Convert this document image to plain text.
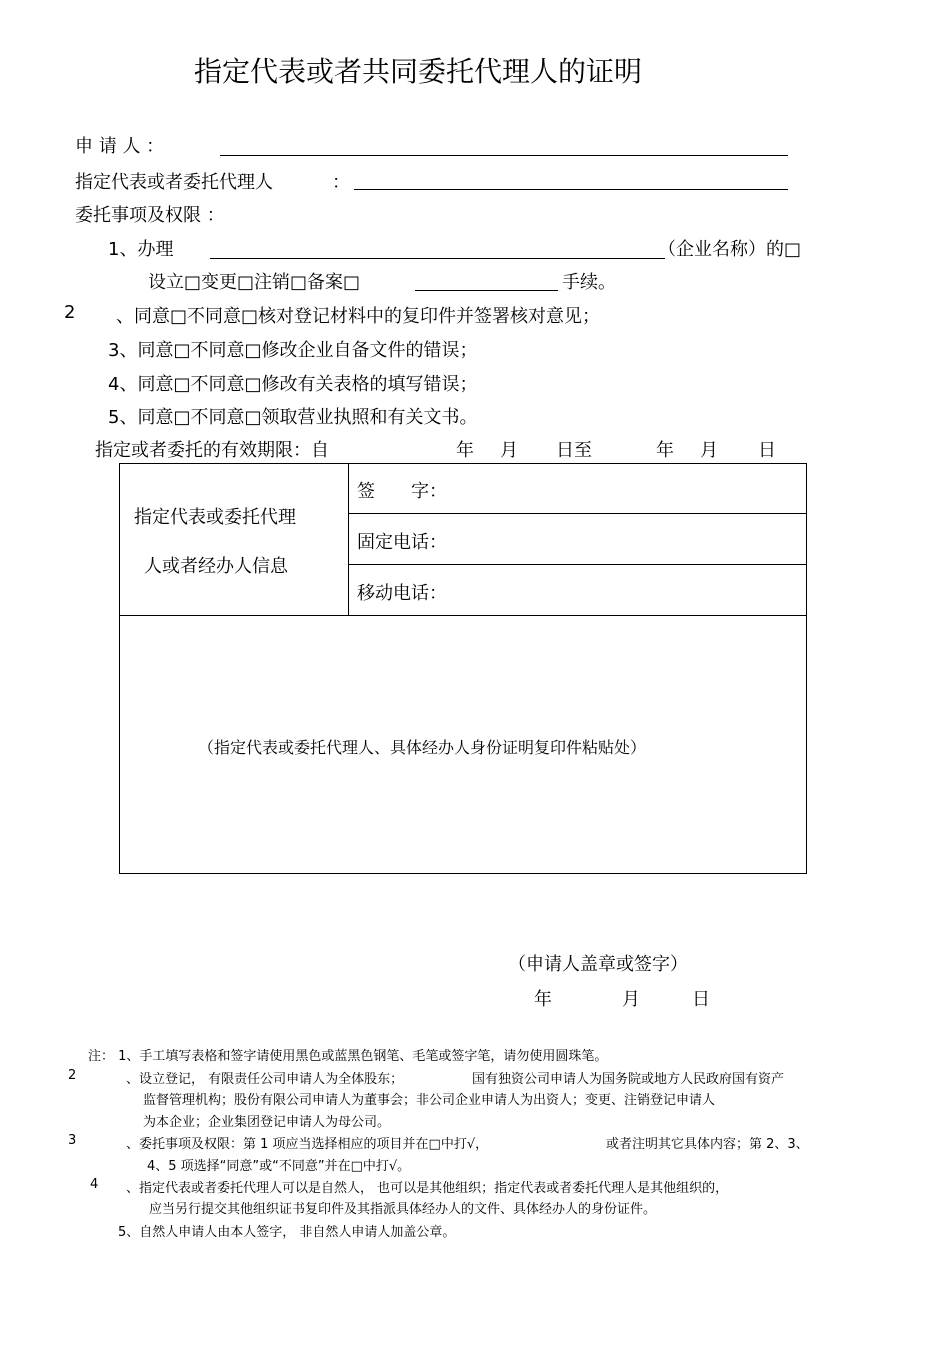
指定代表或者共同委托代理人的证明
申 请 人 ：
指定代表或者委托代理人	：
委托事项及权限 ：
1、办理	（企业名称）的□
设立□变更□注销□备案□	手续。
2 、同意□不同意□核对登记材料中的复印件并签署核对意见；
3、同意□不同意□修改企业自备文件的错误；
4、同意□不同意□修改有关表格的填写错误；
5、同意□不同意□领取营业执照和有关文书。
指定或者委托的有效期限：自	年 月 日至	年 月 日
指定代表或委托代理
人或者经办人信息
签　　字：
固定电话：
移动电话：
（指定代表或委托代理人、具体经办人身份证明复印件粘贴处）
（申请人盖章或签字）
年	月	日
注： 1、手工填写表格和签字请使用黑色或蓝黑色钢笔、毛笔或签字笔，请勿使用圆珠笔。
2	、设立登记， 有限责任公司申请人为全体股东；	国有独资公司申请人为国务院或地方人民政府国有资产
监督管理机构；股份有限公司申请人为董事会；非公司企业申请人为出资人；变更、注销登记申请人
为本企业；企业集团登记申请人为母公司。
3	、委托事项及权限：第 1 项应当选择相应的项目并在□中打√，	或者注明其它具体内容；第 2、3、
4、5 项选择“同意”或“不同意”并在□中打√。
4 、指定代表或者委托代理人可以是自然人， 也可以是其他组织；指定代表或者委托代理人是其他组织的，
应当另行提交其他组织证书复印件及其指派具体经办人的文件、具体经办人的身份证件。
5、自然人申请人由本人签字， 非自然人申请人加盖公章。
